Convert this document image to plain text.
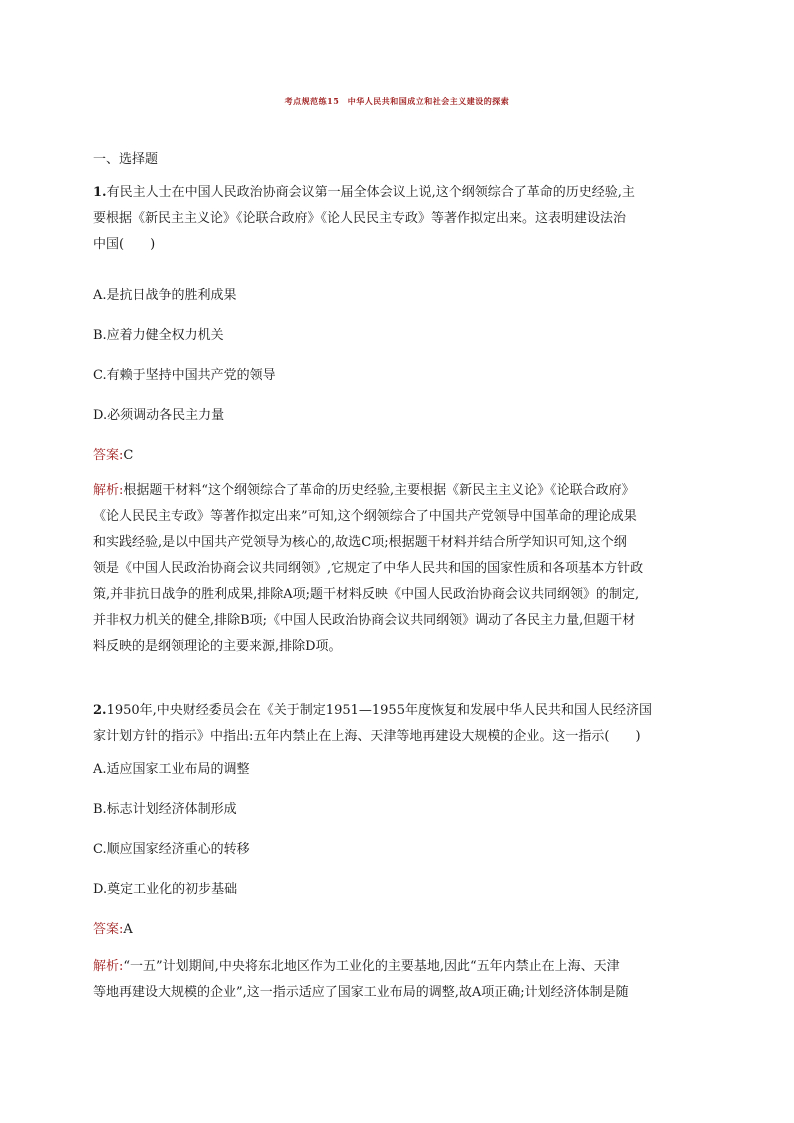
考点规范练15　中华人民共和国成立和社会主义建设的探索
一、选择题
1.有民主人士在中国人民政治协商会议第一届全体会议上说,这个纲领综合了革命的历史经验,主
要根据《新民主主义论》《论联合政府》《论人民民主专政》等著作拟定出来。这表明建设法治
中国(　　)
A.是抗日战争的胜利成果
B.应着力健全权力机关
C.有赖于坚持中国共产党的领导
D.必须调动各民主力量
答案:C
解析:根据题干材料“这个纲领综合了革命的历史经验,主要根据《新民主主义论》《论联合政府》
《论人民民主专政》等著作拟定出来”可知,这个纲领综合了中国共产党领导中国革命的理论成果
和实践经验,是以中国共产党领导为核心的,故选C项;根据题干材料并结合所学知识可知,这个纲
领是《中国人民政治协商会议共同纲领》,它规定了中华人民共和国的国家性质和各项基本方针政
策,并非抗日战争的胜利成果,排除A项;题干材料反映《中国人民政治协商会议共同纲领》的制定,
并非权力机关的健全,排除B项;《中国人民政治协商会议共同纲领》调动了各民主力量,但题干材
料反映的是纲领理论的主要来源,排除D项。
2.1950年,中央财经委员会在《关于制定1951—1955年度恢复和发展中华人民共和国人民经济国
家计划方针的指示》中指出:五年内禁止在上海、天津等地再建设大规模的企业。这一指示(　　)
A.适应国家工业布局的调整
B.标志计划经济体制形成
C.顺应国家经济重心的转移
D.奠定工业化的初步基础
答案:A
解析:“一五”计划期间,中央将东北地区作为工业化的主要基地,因此“五年内禁止在上海、天津
等地再建设大规模的企业”,这一指示适应了国家工业布局的调整,故A项正确;计划经济体制是随
